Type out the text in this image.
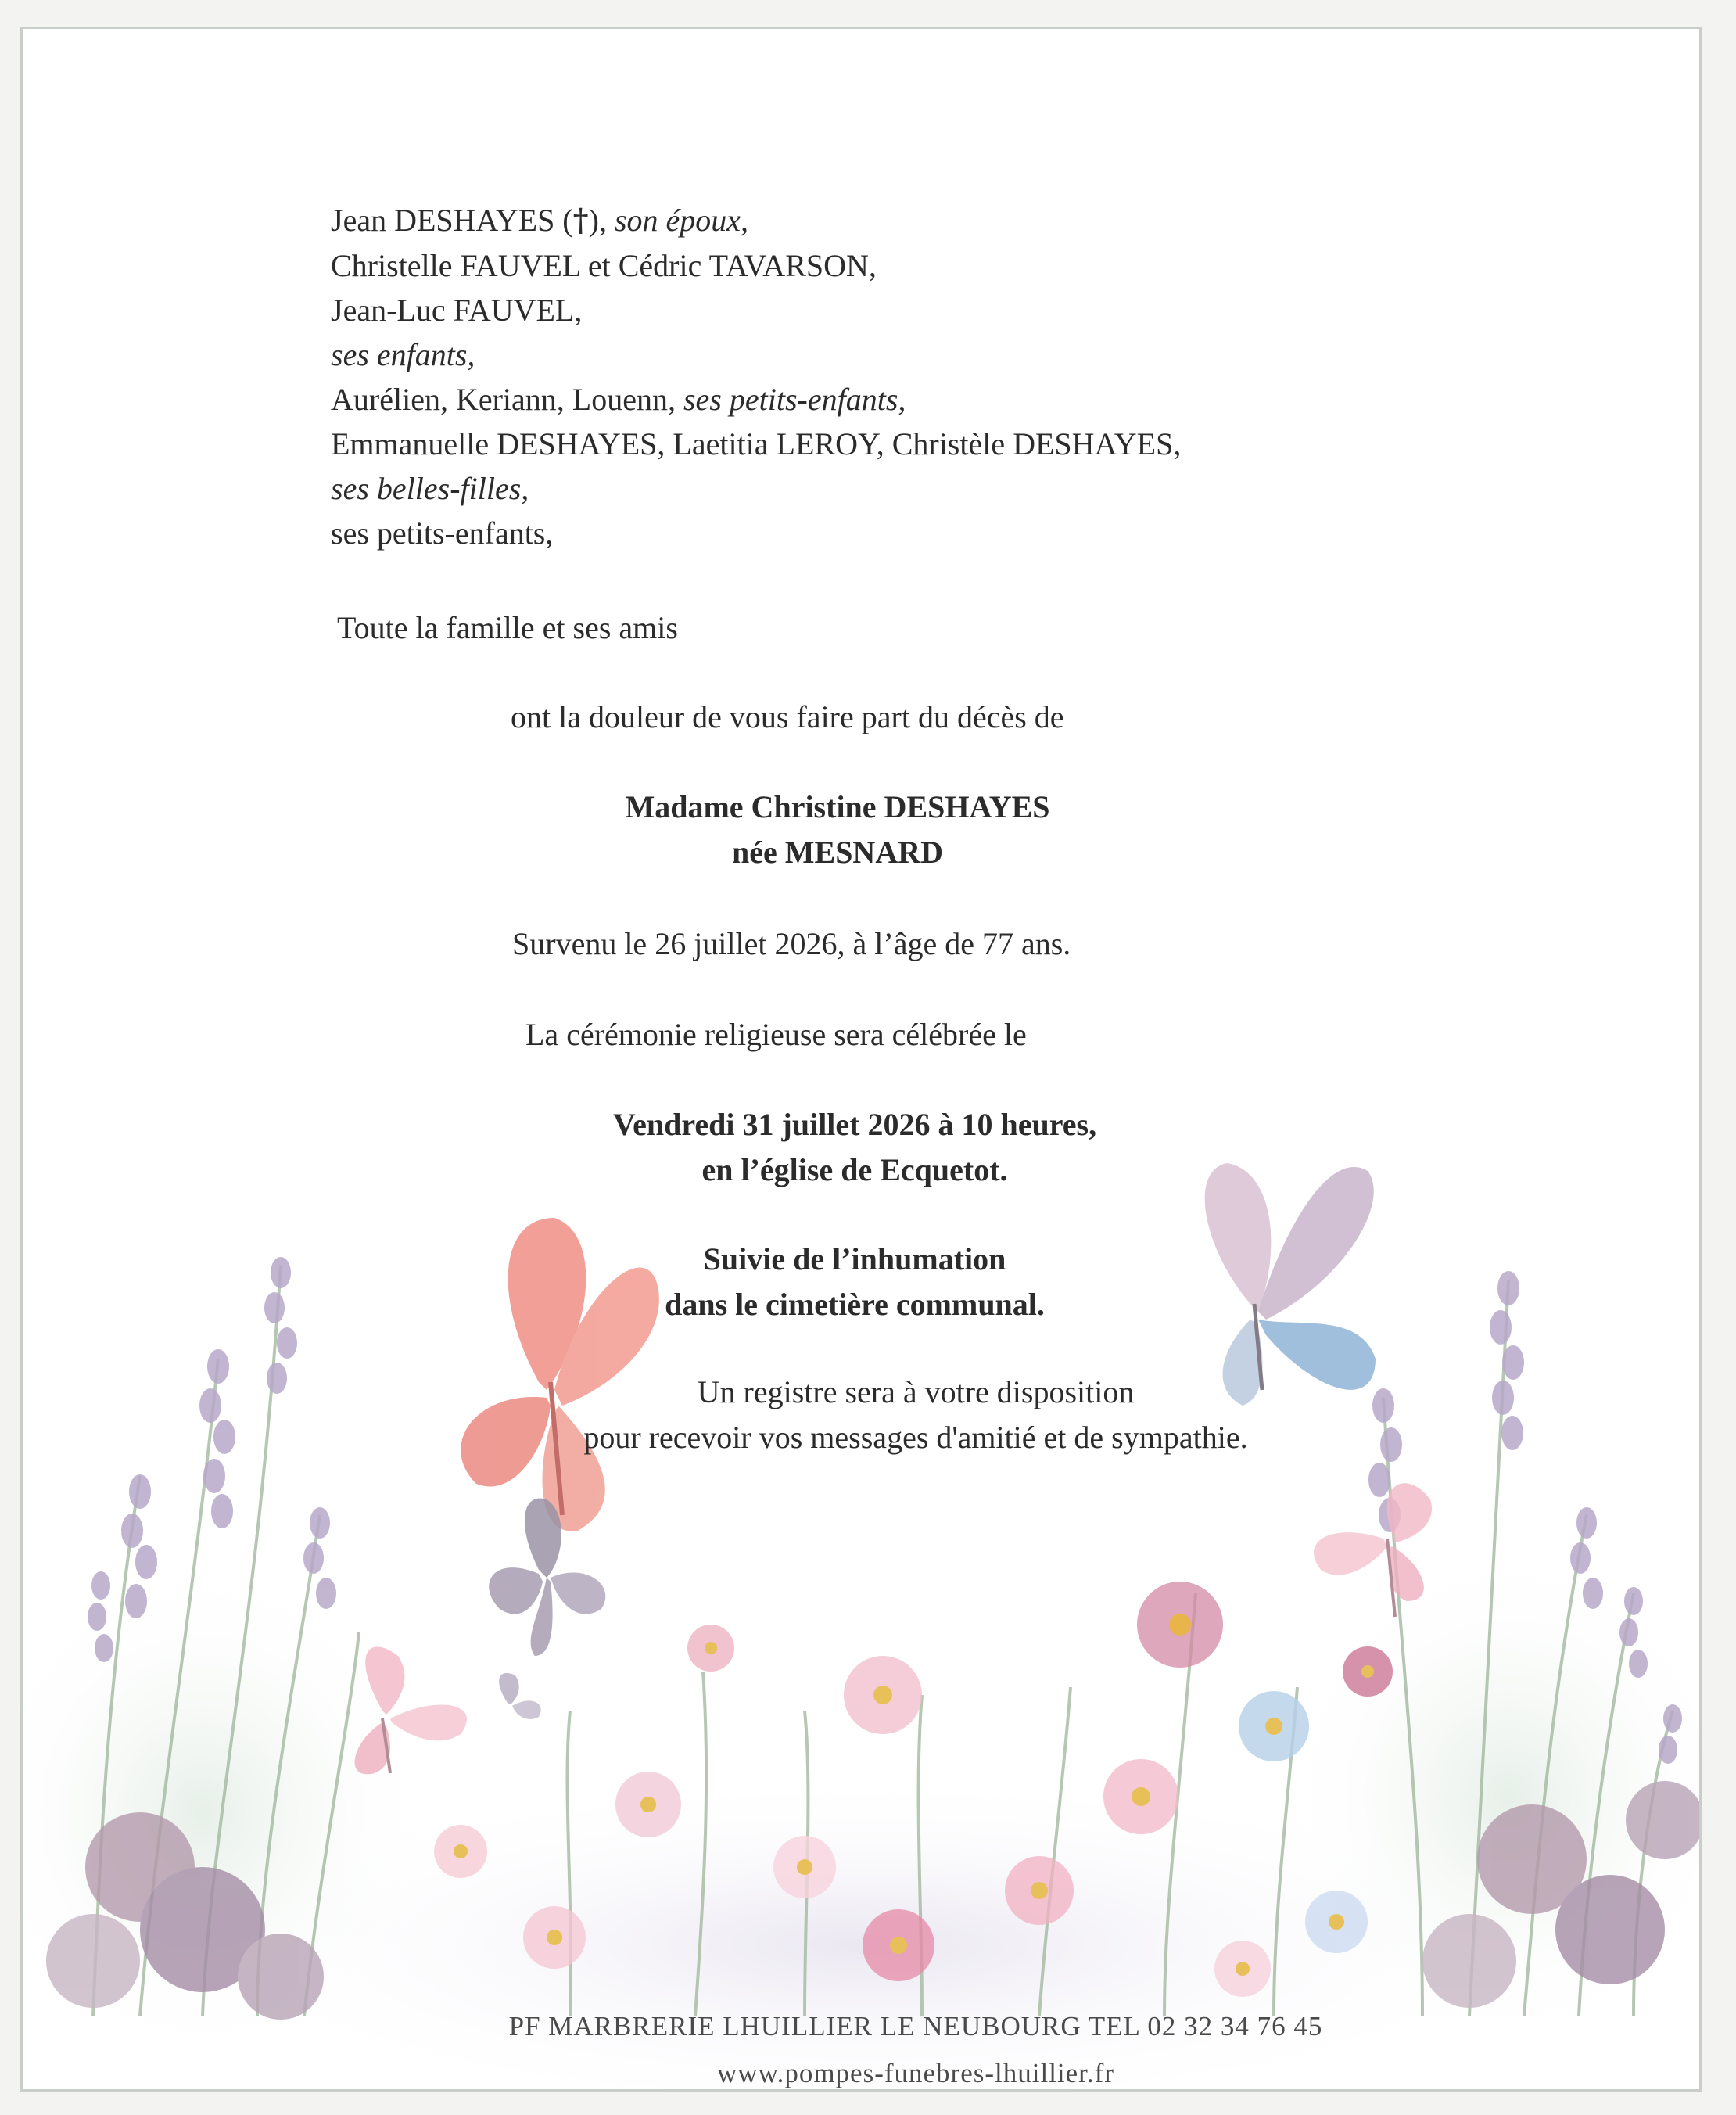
Jean DESHAYES (†), son époux,
Christelle FAUVEL et Cédric TAVARSON,
Jean-Luc FAUVEL,
ses enfants,
Aurélien, Keriann, Louenn, ses petits-enfants,
Emmanuelle DESHAYES, Laetitia LEROY, Christèle DESHAYES,
ses belles-filles,
ses petits-enfants,
Toute la famille et ses amis
ont la douleur de vous faire part du décès de
Madame Christine DESHAYES
née MESNARD
Survenu le 26 juillet 2026, à l’âge de 77 ans.
La cérémonie religieuse sera célébrée le
Vendredi 31 juillet 2026 à 10 heures,
en l’église de Ecquetot.
Suivie de l’inhumation
dans le cimetière communal.
Un registre sera à votre disposition
pour recevoir vos messages d'amitié et de sympathie.
PF MARBRERIE LHUILLIER LE NEUBOURG TEL 02 32 34 76 45
www.pompes-funebres-lhuillier.fr
